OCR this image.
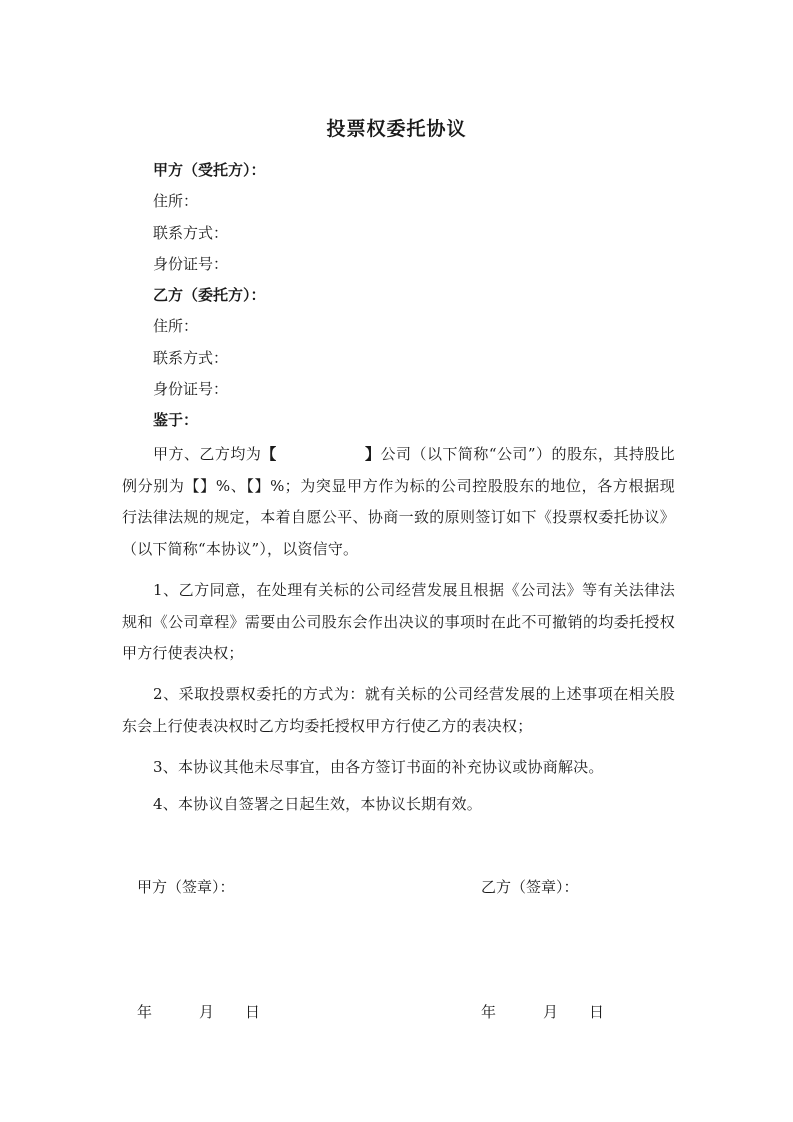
投票权委托协议
甲方（受托方）：
住所：
联系方式：
身份证号：
乙方（委托方）：
住所：
联系方式：
身份证号：
鉴于：
甲方、乙方均为【	】公司（以下简称“公司”）的股东，其持股比例分别为【】%、【】%；为突显甲方作为标的公司控股股东的地位，各方根据现行法律法规的规定，本着自愿公平、协商一致的原则签订如下《投票权委托协议》（以下简称“本协议”），以资信守。
1、乙方同意，在处理有关标的公司经营发展且根据《公司法》等有关法律法规和《公司章程》需要由公司股东会作出决议的事项时在此不可撤销的均委托授权甲方行使表决权；
2、采取投票权委托的方式为：就有关标的公司经营发展的上述事项在相关股东会上行使表决权时乙方均委托授权甲方行使乙方的表决权；
3、本协议其他未尽事宜，由各方签订书面的补充协议或协商解决。
4、本协议自签署之日起生效，本协议长期有效。
甲方（签章）：	乙方（签章）：
年	月 日	年	月 日
